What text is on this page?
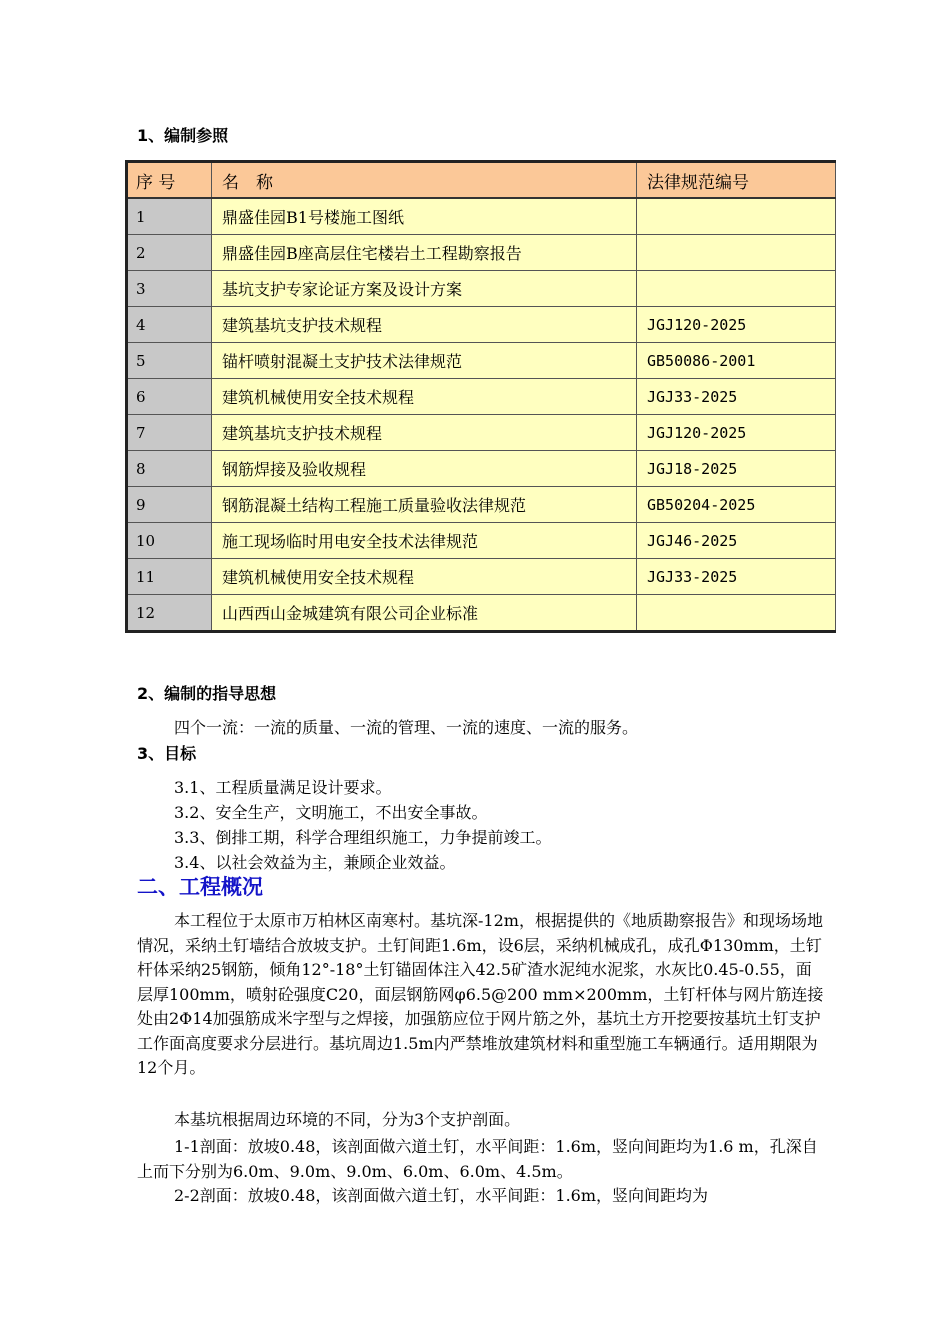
1、编制参照
序 号	名　称	法律规范编号
1	鼎盛佳园B1号楼施工图纸	
2	鼎盛佳园B座高层住宅楼岩土工程勘察报告	
3	基坑支护专家论证方案及设计方案	
4	建筑基坑支护技术规程	JGJ120-2025
5	锚杆喷射混凝土支护技术法律规范	GB50086-2001
6	建筑机械使用安全技术规程	JGJ33-2025
7	建筑基坑支护技术规程	JGJ120-2025
8	钢筋焊接及验收规程	JGJ18-2025
9	钢筋混凝土结构工程施工质量验收法律规范	GB50204-2025
10	施工现场临时用电安全技术法律规范	JGJ46-2025
11	建筑机械使用安全技术规程	JGJ33-2025
12	山西西山金城建筑有限公司企业标准	
2、编制的指导思想

四个一流：一流的质量、一流的管理、一流的速度、一流的服务。

3、目标

3.1、工程质量满足设计要求。

3.2、安全生产，文明施工，不出安全事故。

3.3、倒排工期，科学合理组织施工，力争提前竣工。

3.4、以社会效益为主，兼顾企业效益。

二、工程概况

本工程位于太原市万柏林区南寒村。基坑深-12m，根据提供的《地质勘察报告》和现场场地情况，采纳土钉墙结合放坡支护。土钉间距1.6m，设6层，采纳机械成孔，成孔Φ130mm，土钉杆体采纳25钢筋，倾角12°-18°土钉锚固体注入42.5矿渣水泥纯水泥浆，水灰比0.45-0.55，面层厚100mm，喷射砼强度C20，面层钢筋网φ6.5@200 mm×200mm，土钉杆体与网片筋连接处由2Φ14加强筋成米字型与之焊接，加强筋应位于网片筋之外，基坑土方开挖要按基坑土钉支护工作面高度要求分层进行。基坑周边1.5m内严禁堆放建筑材料和重型施工车辆通行。适用期限为12个月。

本基坑根据周边环境的不同，分为3个支护剖面。

1-1剖面：放坡0.48，该剖面做六道土钉，水平间距：1.6m，竖向间距均为1.6 m，孔深自上而下分别为6.0m、9.0m、9.0m、6.0m、6.0m、4.5m。

2-2剖面：放坡0.48，该剖面做六道土钉，水平间距：1.6m，竖向间距均为
